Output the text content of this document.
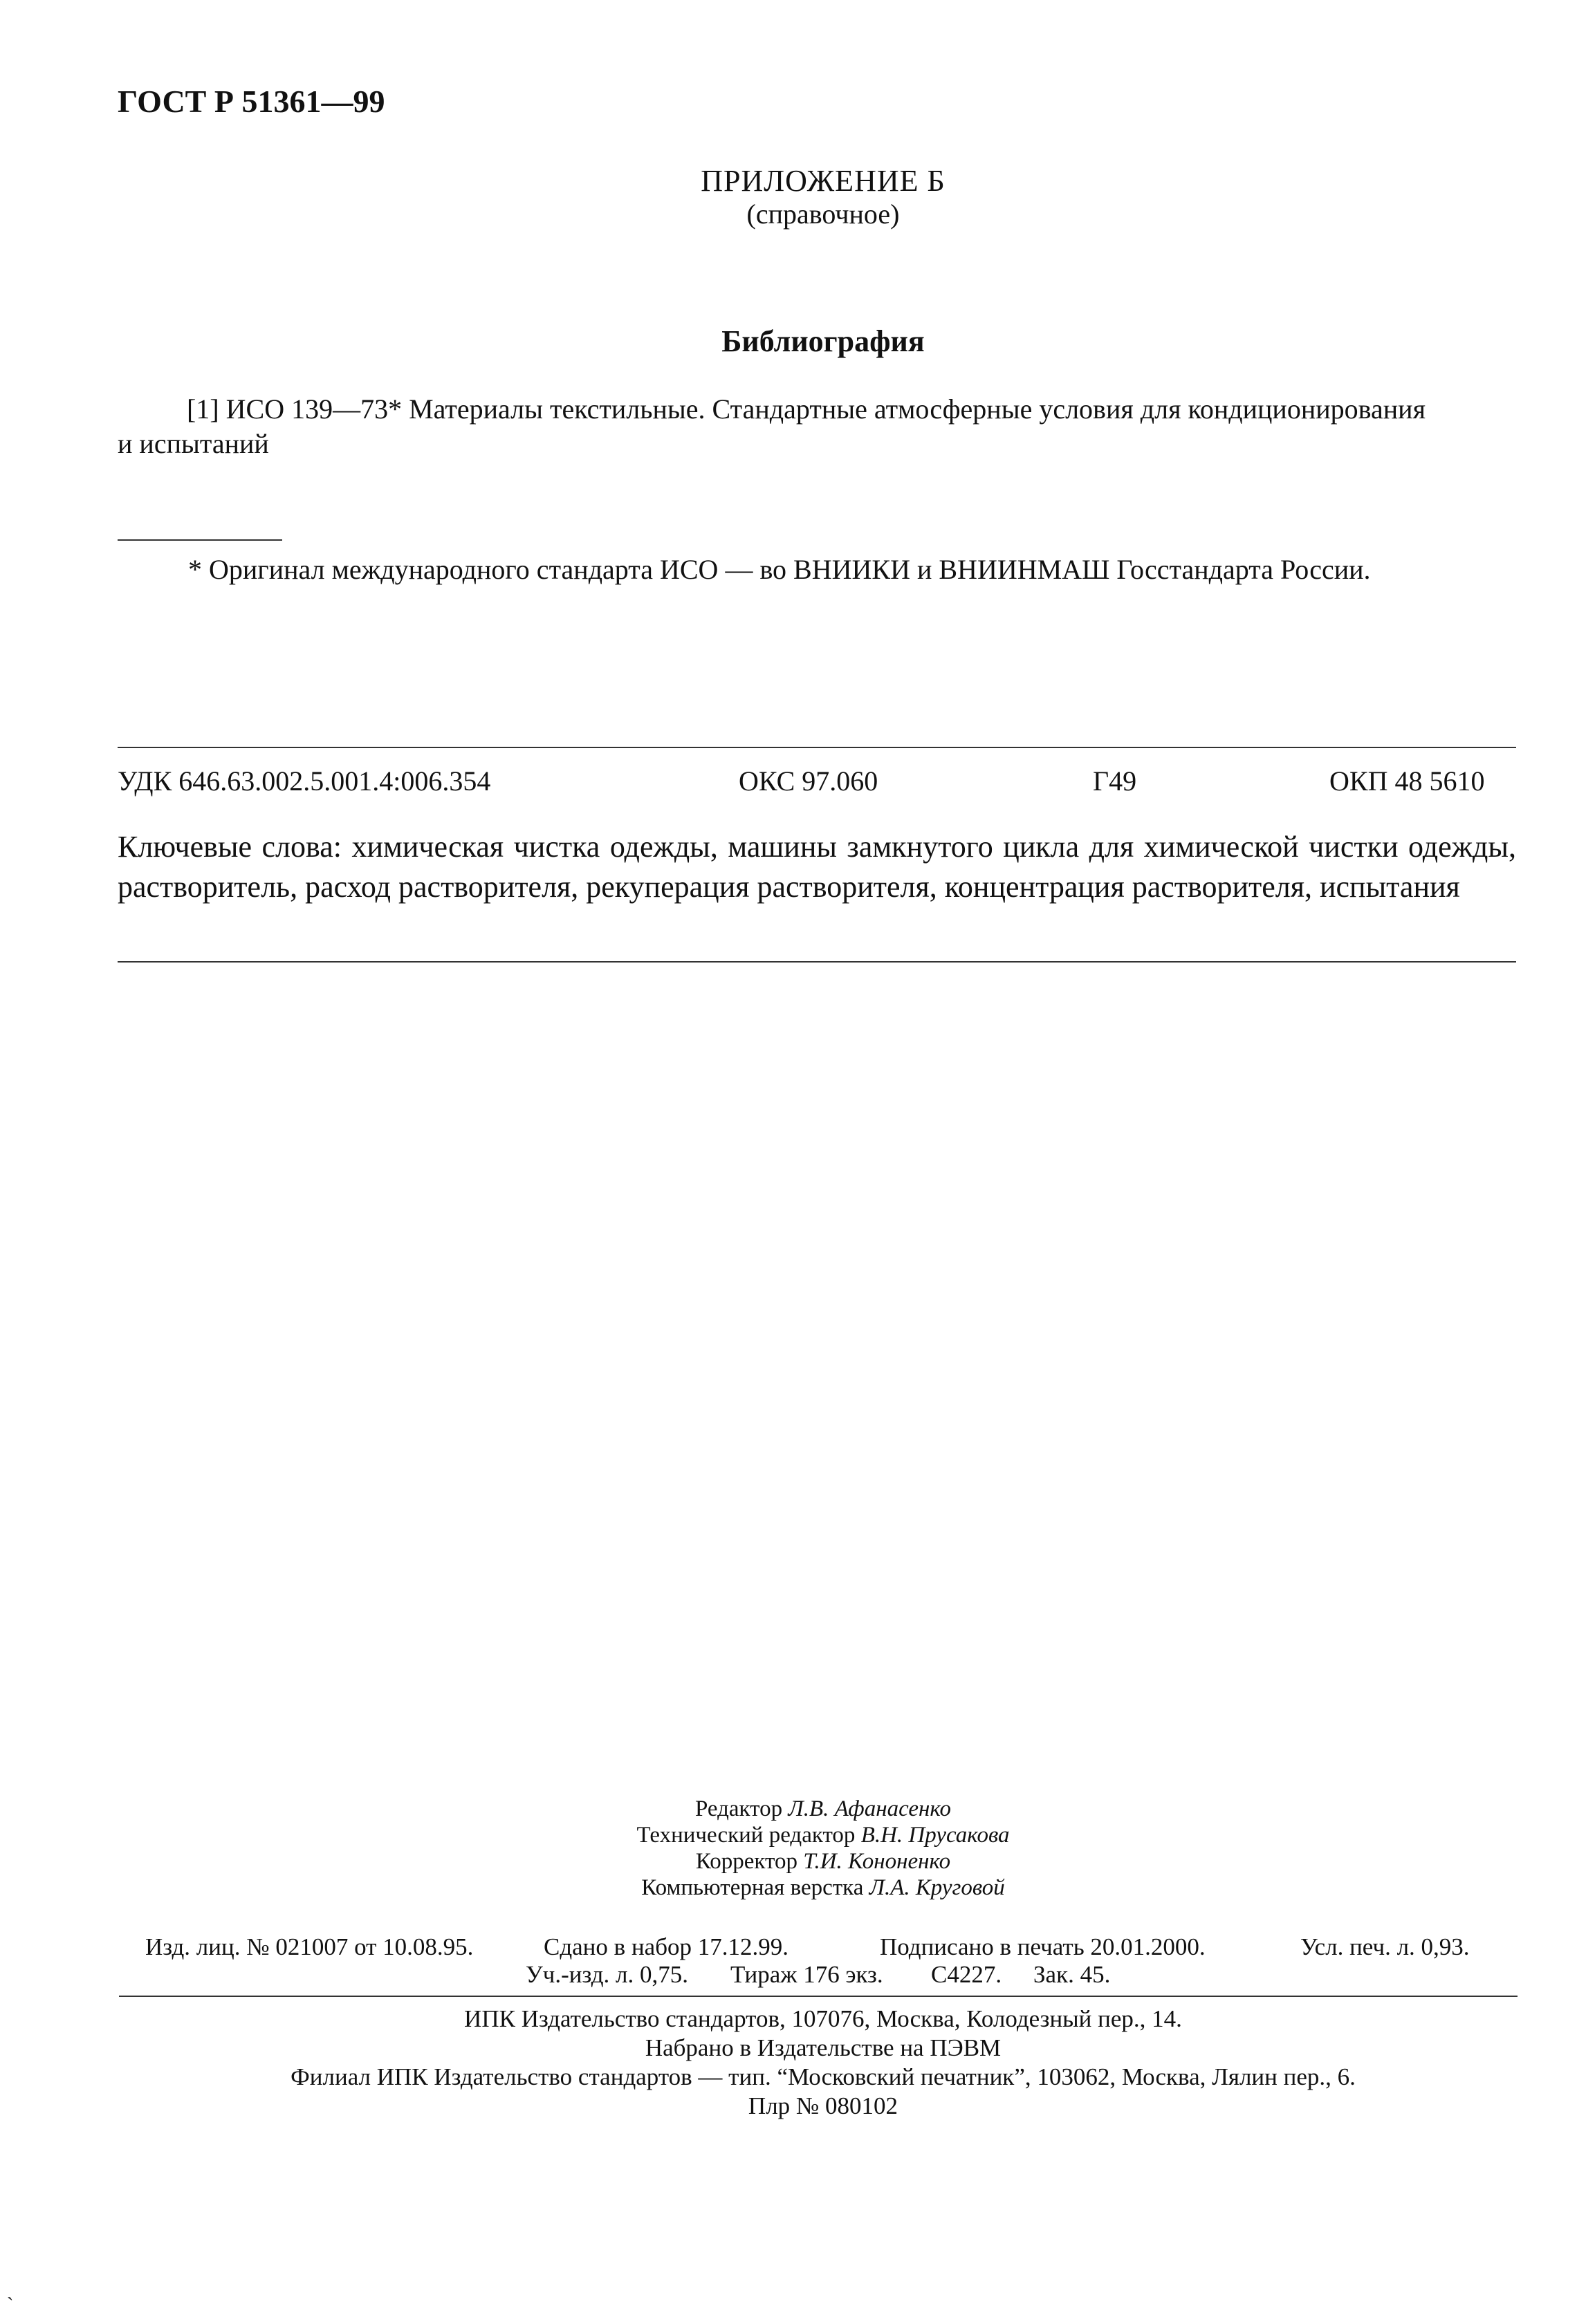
ГОСТ Р 51361—99
ПРИЛОЖЕНИЕ Б
(справочное)
Библиография
[1] ИСО 139—73* Материалы текстильные. Стандартные атмосферные условия для кондиционирования
и испытаний
* Оригинал международного стандарта ИСО — во ВНИИКИ и ВНИИНМАШ Госстандарта России.
УДК 646.63.002.5.001.4:006.354	ОКС 97.060	Г49	ОКП 48 5610
Ключевые слова: химическая чистка одежды, машины замкнутого цикла для химической чистки одежды, растворитель, расход растворителя, рекуперация растворителя, концентрация растворителя, испытания
Редактор Л.В. Афанасенко
Технический редактор В.Н. Прусакова
Корректор Т.И. Кононенко
Компьютерная верстка Л.А. Круговой
Изд. лиц. № 021007 от 10.08.95.	Сдано в набор 17.12.99.	Подписано в печать 20.01.2000.	Усл. печ. л. 0,93.
Уч.-изд. л. 0,75. Тираж 176 экз. С4227. Зак. 45.
ИПК Издательство стандартов, 107076, Москва, Колодезный пер., 14.
Набрано в Издательстве на ПЭВМ
Филиал ИПК Издательство стандартов — тип. “Московский печатник”, 103062, Москва, Лялин пер., 6.
Плр № 080102
`
